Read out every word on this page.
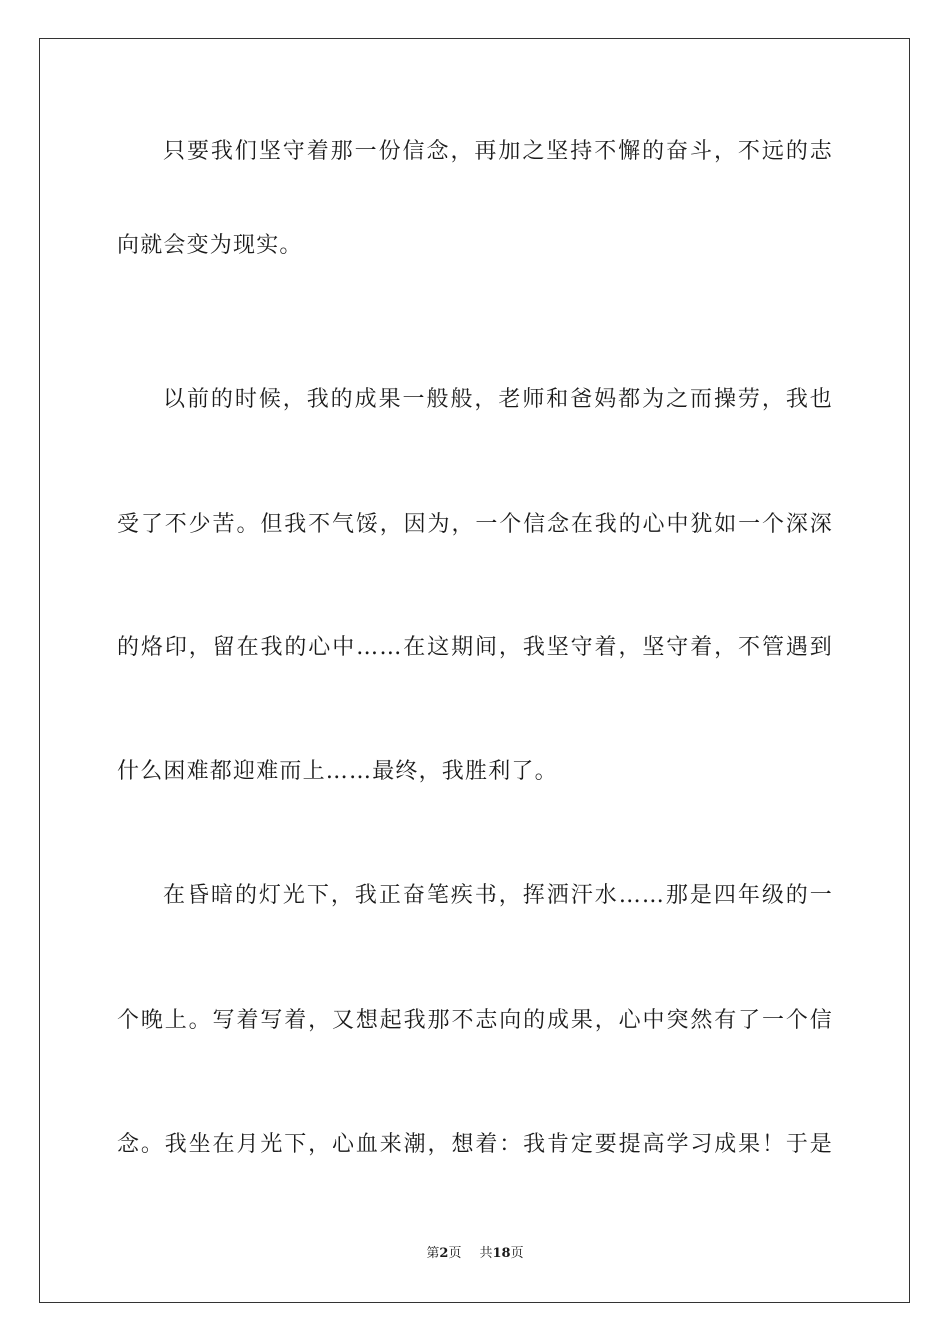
只要我们坚守着那一份信念，再加之坚持不懈的奋斗，不远的志
向就会变为现实。
以前的时候，我的成果一般般，老师和爸妈都为之而操劳，我也
受了不少苦。但我不气馁，因为，一个信念在我的心中犹如一个深深
的烙印，留在我的心中……在这期间，我坚守着，坚守着，不管遇到
什么困难都迎难而上……最终，我胜利了。
在昏暗的灯光下，我正奋笔疾书，挥洒汗水……那是四年级的一
个晚上。写着写着，又想起我那不志向的成果，心中突然有了一个信
念。我坐在月光下，心血来潮，想着：我肯定要提高学习成果！于是
第2页 共18页
